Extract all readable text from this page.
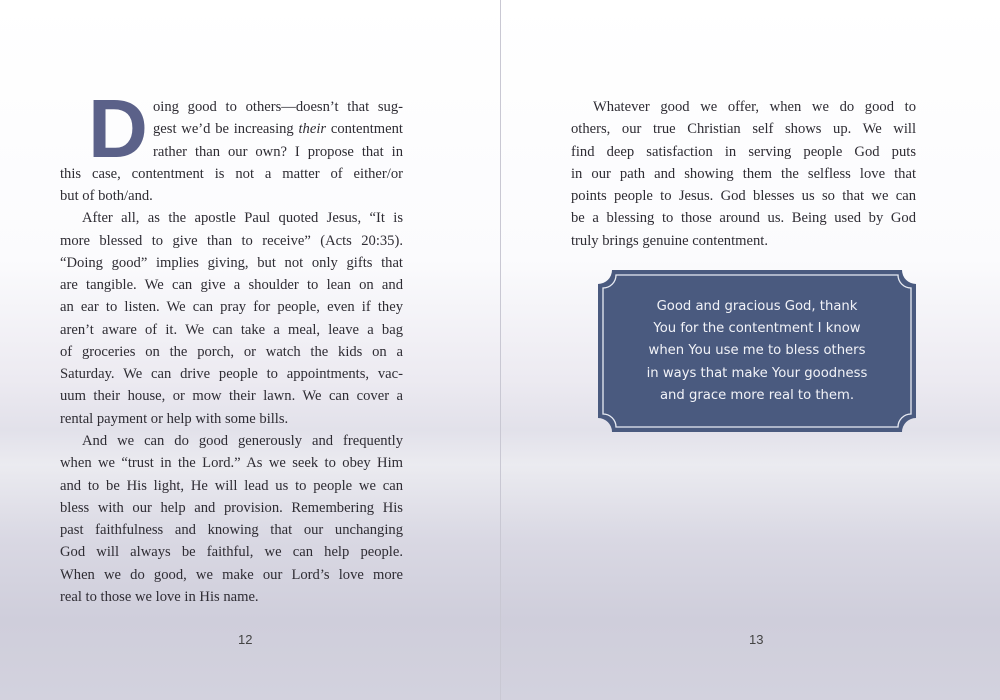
D oing good to others—doesn’t that sug-
gest we’d be increasing their contentment
rather than our own? I propose that in
this case, contentment is not a matter of either/or
but of both/and.
After all, as the apostle Paul quoted Jesus, “It is
more blessed to give than to receive” (Acts 20:35).
“Doing good” implies giving, but not only gifts that
are tangible. We can give a shoulder to lean on and
an ear to listen. We can pray for people, even if they
aren’t aware of it. We can take a meal, leave a bag
of groceries on the porch, or watch the kids on a
Saturday. We can drive people to appointments, vac-
uum their house, or mow their lawn. We can cover a
rental payment or help with some bills.
And we can do good generously and frequently
when we “trust in the Lord.” As we seek to obey Him
and to be His light, He will lead us to people we can
bless with our help and provision. Remembering His
past faithfulness and knowing that our unchanging
God will always be faithful, we can help people.
When we do good, we make our Lord’s love more
real to those we love in His name.
12
Whatever good we offer, when we do good to
others, our true Christian self shows up. We will
find deep satisfaction in serving people God puts
in our path and showing them the selfless love that
points people to Jesus. God blesses us so that we can
be a blessing to those around us. Being used by God
truly brings genuine contentment.
Good and gracious God, thank
You for the contentment I know
when You use me to bless others
in ways that make Your goodness
and grace more real to them.
13
